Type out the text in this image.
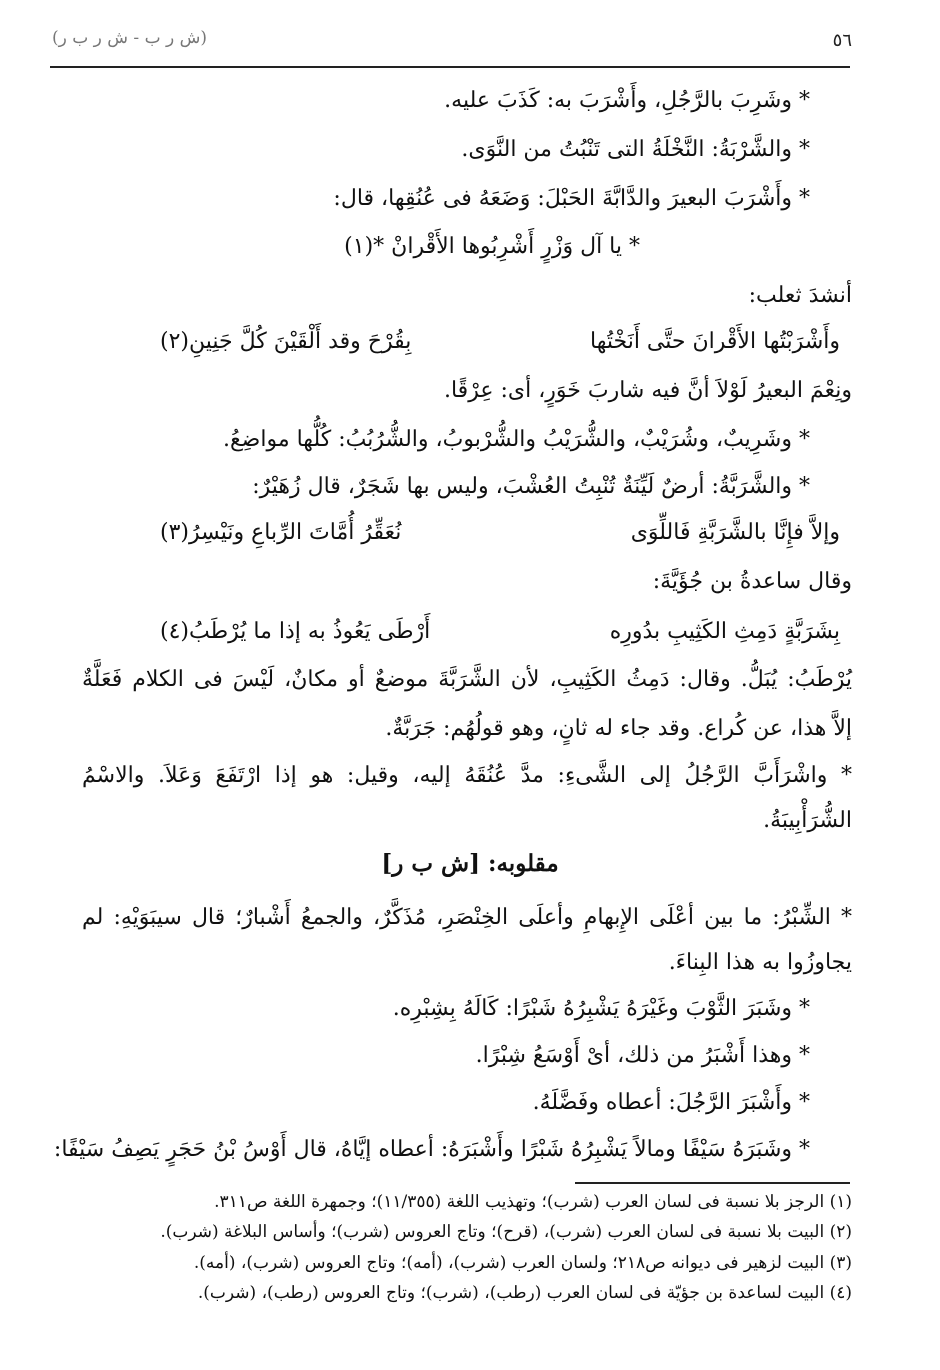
(ش ر ب - ش ر ب ر)	٥٦
* وشَرِبَ بالرَّجُلِ، وأَشْرَبَ به: كَذَبَ عليه.
* والشَّرْبَةُ: النَّخْلَةُ التى تَنْبُتُ من النَّوَى.
* وأَشْرَبَ البعيرَ والدَّابَّةَ الحَبْلَ: وَضَعَهُ فى عُنُقِها، قال:
* يا آل وَزْرٍ أَشْرِبُوها الأَقْرانْ *(١)
أنشدَ ثعلب:
وأَشْرَبْتُها الأَقْرانَ حتَّى أَنَخْتُها
بِقُرْحَ وقد أَلْقَيْنَ كُلَّ جَنِينِ(٢)
ونِعْمَ البعيرُ لَوْلاَ أنَّ فيه شاربَ خَوَرٍ، أى: عِرْقًا.
* وشَرِيبٌ، وشُرَيْبٌ، والشُّرَيْبُ والشُّرْبوبُ، والشُّرُبُبُ: كُلُّها مواضِعُ.
* والشَّرَبَّةُ: أرضٌ لَيِّنَةٌ تُنْبِتُ العُشْبَ، وليس بها شَجَرٌ، قال زُهَيْرٌ:
وإلاَّ فإِنَّا بالشَّرَبَّةِ فَاللِّوَى
نُعَقِّرُ أُمَّاتَ الرِّباعِ ونَيْسِرُ(٣)
وقال ساعدةُ بن جُؤَيَّةَ:
بِشَرَبَّةٍ دَمِثِ الكَثِيبِ بدُورِه
أَرْطَى يَعُوذُ به إذا ما يُرْطَبُ(٤)
يُرْطَبُ: يُبَلُّ. وقال: دَمِثُ الكَثِيبِ، لأن الشَّرَبَّةَ موضعٌ أو مكانٌ، لَيْسَ فى الكلام فَعَلَّةٌ
إلاَّ هذا، عن كُراع. وقد جاء له ثانٍ، وهو قولُهُم: جَرَبَّةٌ.
* واشْرَأَبَّ الرَّجُلُ إلى الشَّىءِ: مدَّ عُنُقَهُ إليه، وقيل: هو إذا ارْتَفَعَ وَعَلاَ. والاسْمُ
الشُّرَأْبِيبَةُ.
مقلوبه: [ش ب ر]
* الشِّبْرُ: ما بين أعْلَى الإِبهامِ وأعلَى الخِنْصَرِ، مُذَكَّرٌ، والجمعُ أَشْبارٌ؛ قال سيبَوَيْهِ: لم
يجاوزُوا به هذا البِناءَ.
* وشَبَرَ الثَّوْبَ وغَيْرَهُ يَشْبِرُهُ شَبْرًا: كَالَهُ بِشِبْرِه.
* وهذا أَشْبَرُ من ذلك، أىْ أَوْسَعُ شِبْرًا.
* وأَشْبَرَ الرَّجُلَ: أعطاه وفَضَّلَهُ.
* وشَبَرَهُ سَيْفًا ومالاً يَشْبِرُهُ شَبْرًا وأَشْبَرَهُ: أعطاه إيَّاهُ، قال أَوْسُ بْنُ حَجَرٍ يَصِفُ سَيْفًا:
(١) الرجز بلا نسبة فى لسان العرب (شرب)؛ وتهذيب اللغة (١١/٣٥٥)؛ وجمهرة اللغة ص٣١١.
(٢) البيت بلا نسبة فى لسان العرب (شرب)، (قرح)؛ وتاج العروس (شرب)؛ وأساس البلاغة (شرب).
(٣) البيت لزهير فى ديوانه ص٢١٨؛ ولسان العرب (شرب)، (أمه)؛ وتاج العروس (شرب)، (أمه).
(٤) البيت لساعدة بن جؤيّة فى لسان العرب (رطب)، (شرب)؛ وتاج العروس (رطب)، (شرب).
